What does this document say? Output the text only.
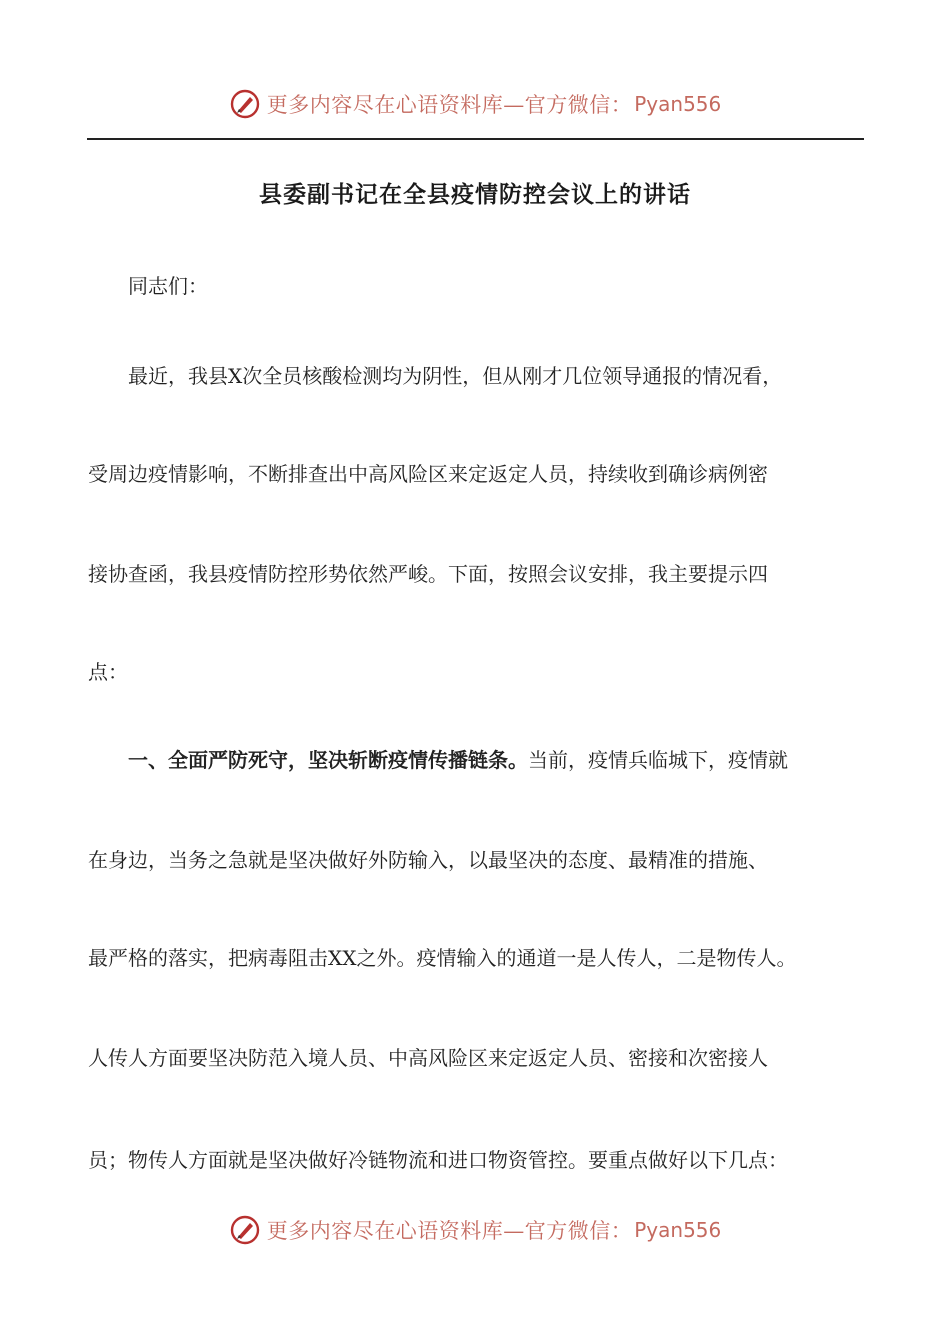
更多内容尽在心语资料库—官方微信： Pyan556
县委副书记在全县疫情防控会议上的讲话
同志们：
最近，我县X次全员核酸检测均为阴性，但从刚才几位领导通报的情况看，
受周边疫情影响，不断排查出中高风险区来定返定人员，持续收到确诊病例密
接协查函，我县疫情防控形势依然严峻。下面，按照会议安排，我主要提示四
点：
一、全面严防死守，坚决斩断疫情传播链条。当前，疫情兵临城下，疫情就
在身边，当务之急就是坚决做好外防输入，以最坚决的态度、最精准的措施、
最严格的落实，把病毒阻击XX之外。疫情输入的通道一是人传人，二是物传人。
人传人方面要坚决防范入境人员、中高风险区来定返定人员、密接和次密接人
员；物传人方面就是坚决做好冷链物流和进口物资管控。要重点做好以下几点：
更多内容尽在心语资料库—官方微信： Pyan556
